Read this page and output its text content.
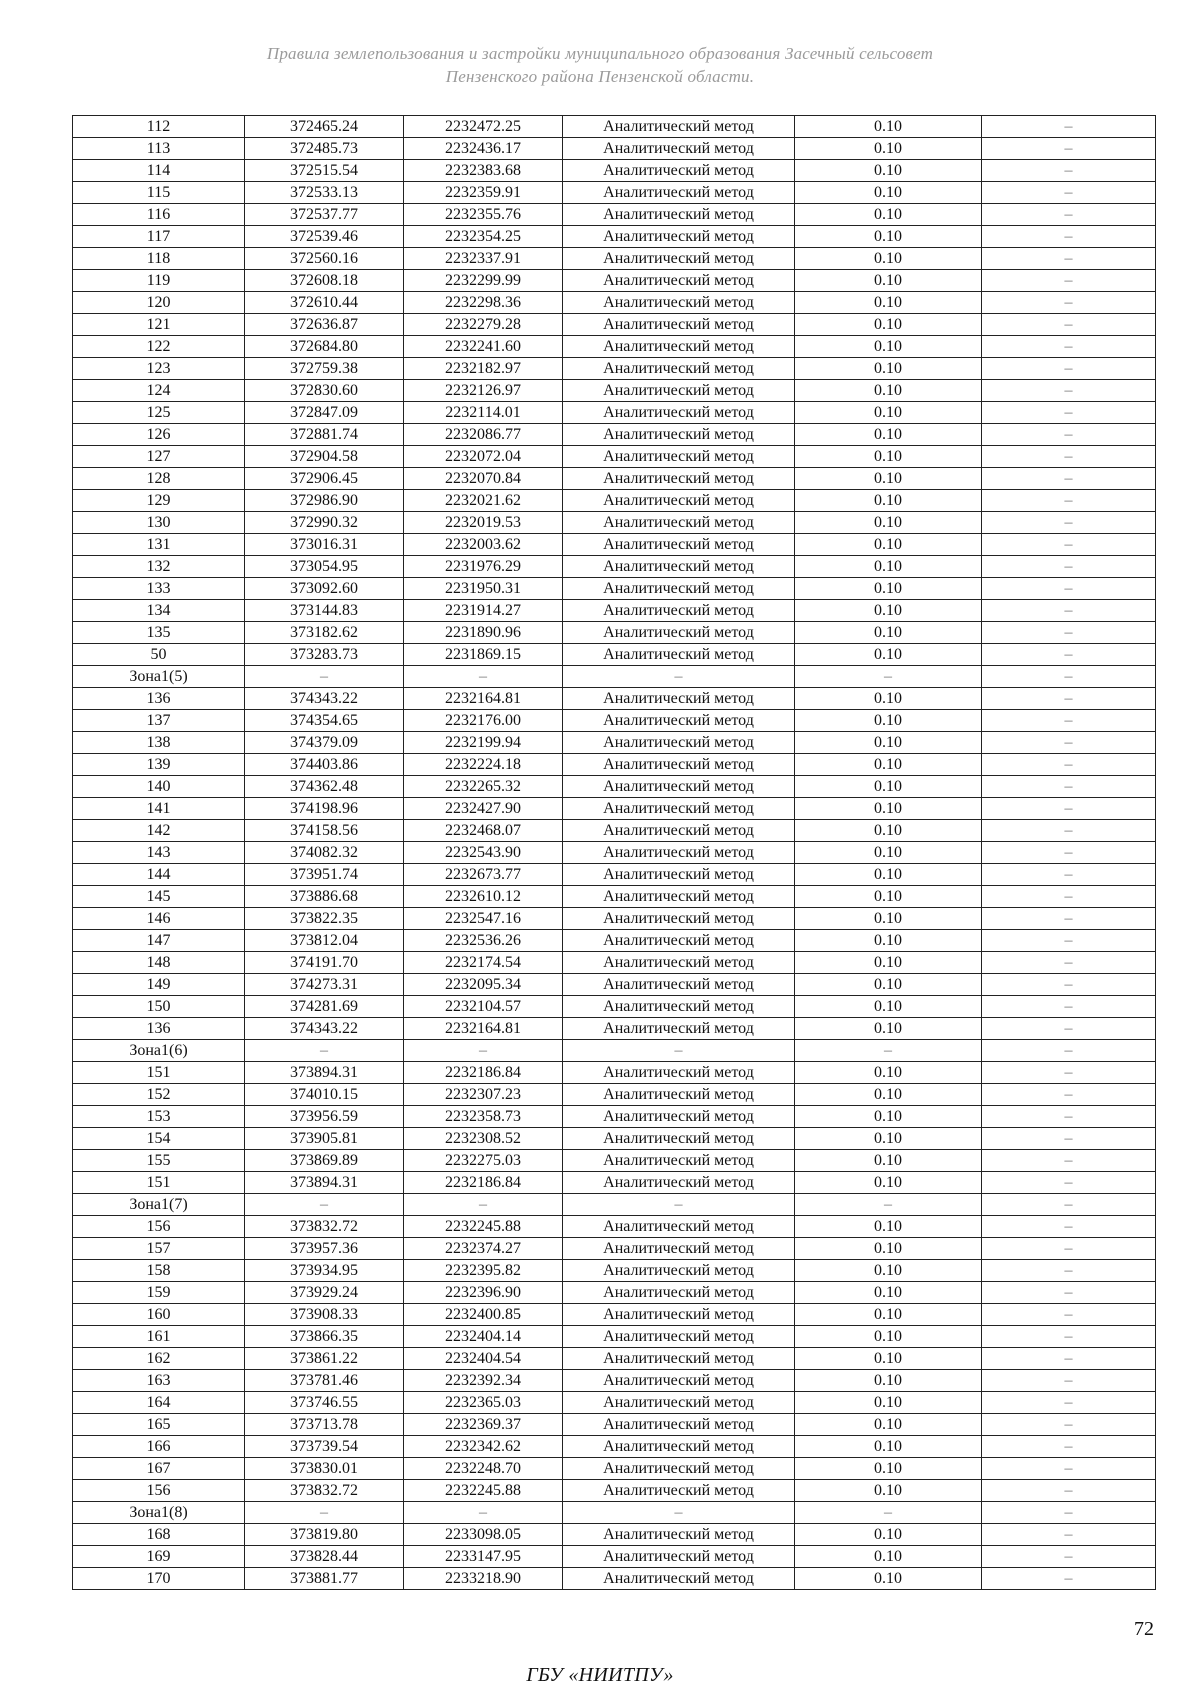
Правила землепользования и застройки муниципального образования Засечный сельсовет
Пензенского района Пензенской области.
112	372465.24	2232472.25	Аналитический метод	0.10	–
113	372485.73	2232436.17	Аналитический метод	0.10	–
114	372515.54	2232383.68	Аналитический метод	0.10	–
115	372533.13	2232359.91	Аналитический метод	0.10	–
116	372537.77	2232355.76	Аналитический метод	0.10	–
117	372539.46	2232354.25	Аналитический метод	0.10	–
118	372560.16	2232337.91	Аналитический метод	0.10	–
119	372608.18	2232299.99	Аналитический метод	0.10	–
120	372610.44	2232298.36	Аналитический метод	0.10	–
121	372636.87	2232279.28	Аналитический метод	0.10	–
122	372684.80	2232241.60	Аналитический метод	0.10	–
123	372759.38	2232182.97	Аналитический метод	0.10	–
124	372830.60	2232126.97	Аналитический метод	0.10	–
125	372847.09	2232114.01	Аналитический метод	0.10	–
126	372881.74	2232086.77	Аналитический метод	0.10	–
127	372904.58	2232072.04	Аналитический метод	0.10	–
128	372906.45	2232070.84	Аналитический метод	0.10	–
129	372986.90	2232021.62	Аналитический метод	0.10	–
130	372990.32	2232019.53	Аналитический метод	0.10	–
131	373016.31	2232003.62	Аналитический метод	0.10	–
132	373054.95	2231976.29	Аналитический метод	0.10	–
133	373092.60	2231950.31	Аналитический метод	0.10	–
134	373144.83	2231914.27	Аналитический метод	0.10	–
135	373182.62	2231890.96	Аналитический метод	0.10	–
50	373283.73	2231869.15	Аналитический метод	0.10	–
Зона1(5)	–	–	–	–	–
136	374343.22	2232164.81	Аналитический метод	0.10	–
137	374354.65	2232176.00	Аналитический метод	0.10	–
138	374379.09	2232199.94	Аналитический метод	0.10	–
139	374403.86	2232224.18	Аналитический метод	0.10	–
140	374362.48	2232265.32	Аналитический метод	0.10	–
141	374198.96	2232427.90	Аналитический метод	0.10	–
142	374158.56	2232468.07	Аналитический метод	0.10	–
143	374082.32	2232543.90	Аналитический метод	0.10	–
144	373951.74	2232673.77	Аналитический метод	0.10	–
145	373886.68	2232610.12	Аналитический метод	0.10	–
146	373822.35	2232547.16	Аналитический метод	0.10	–
147	373812.04	2232536.26	Аналитический метод	0.10	–
148	374191.70	2232174.54	Аналитический метод	0.10	–
149	374273.31	2232095.34	Аналитический метод	0.10	–
150	374281.69	2232104.57	Аналитический метод	0.10	–
136	374343.22	2232164.81	Аналитический метод	0.10	–
Зона1(6)	–	–	–	–	–
151	373894.31	2232186.84	Аналитический метод	0.10	–
152	374010.15	2232307.23	Аналитический метод	0.10	–
153	373956.59	2232358.73	Аналитический метод	0.10	–
154	373905.81	2232308.52	Аналитический метод	0.10	–
155	373869.89	2232275.03	Аналитический метод	0.10	–
151	373894.31	2232186.84	Аналитический метод	0.10	–
Зона1(7)	–	–	–	–	–
156	373832.72	2232245.88	Аналитический метод	0.10	–
157	373957.36	2232374.27	Аналитический метод	0.10	–
158	373934.95	2232395.82	Аналитический метод	0.10	–
159	373929.24	2232396.90	Аналитический метод	0.10	–
160	373908.33	2232400.85	Аналитический метод	0.10	–
161	373866.35	2232404.14	Аналитический метод	0.10	–
162	373861.22	2232404.54	Аналитический метод	0.10	–
163	373781.46	2232392.34	Аналитический метод	0.10	–
164	373746.55	2232365.03	Аналитический метод	0.10	–
165	373713.78	2232369.37	Аналитический метод	0.10	–
166	373739.54	2232342.62	Аналитический метод	0.10	–
167	373830.01	2232248.70	Аналитический метод	0.10	–
156	373832.72	2232245.88	Аналитический метод	0.10	–
Зона1(8)	–	–	–	–	–
168	373819.80	2233098.05	Аналитический метод	0.10	–
169	373828.44	2233147.95	Аналитический метод	0.10	–
170	373881.77	2233218.90	Аналитический метод	0.10	–
72
ГБУ «НИИТПУ»
